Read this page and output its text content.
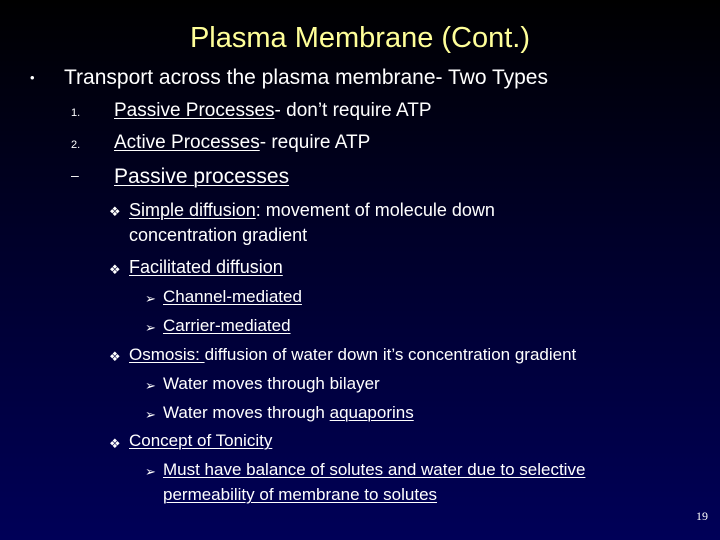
Plasma Membrane (Cont.)
• Transport across the plasma membrane- Two Types
1. Passive Processes- don’t require ATP
2. Active Processes- require ATP
– Passive processes
❖ Simple diffusion: movement of molecule down
concentration gradient
❖ Facilitated diffusion
➢ Channel-mediated
➢ Carrier-mediated
❖ Osmosis: diffusion of water down it’s concentration gradient
➢ Water moves through bilayer
➢ Water moves through aquaporins
❖ Concept of Tonicity
➢ Must have balance of solutes and water due to selective
permeability of membrane to solutes
19
